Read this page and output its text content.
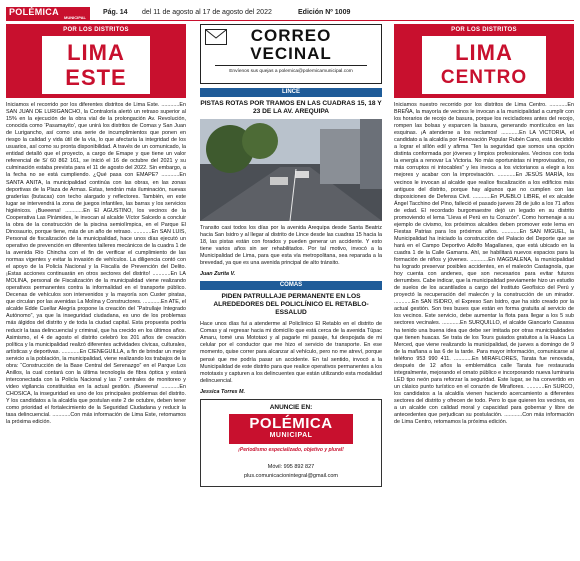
POLÉMICA
MUNICIPAL
Pág. 14 del 11 de agosto al 17 de agosto del 2022	Edición Nº 1009
POR LOS DISTRITOS
LIMA
ESTE

Iniciamos el recorrido por los diferentes distritos de Lima Este. ............En SAN JUAN DE LURIGANCHO, la Contraloría alertó un retraso superior al 15% en la ejecución de la obra vial de la prolongación Av. Revolución, conocida como ‘Pasamayito’, que unirá los distritos de Comas y San Juan de Lurigancho, así como una serie de incumplimientos que ponen en riesgo la calidad y vida útil de la vía, lo que afectaría la integridad de los usuarios, así como su pronta disponibilidad. A través de un comunicado, la entidad detalló que el proyecto, a cargo de Emape y que tiene un valor referencial de S/ 60 862 161, se inició el 16 de octubre del 2021 y su culminación estaba prevista para el 11 de agosto del 2022. Sin embargo, a la fecha no se está cumpliendo. ¿Qué pasa con EMAPE? ............En SANTA ANITA, la municipalidad continúa con las obras, en las zonas deportivas de la Plaza de Armas. Estas, tendrán más iluminación, nuevas graderías (butacas) con techo alargado y reflectores. También, en este lugar se intervendrá la zona de juegos infantiles, las barras y los servicios higiénicos. ¡Bueeena! ............En El AGUSTINO, los vecinos de la Cooperativa Las Pirámides, le invocan al alcalde Víctor Salcedo a concluir la obra de la construcción de la piscina semiolímpica, en el Parque El Dinosaurio, porque tiene, más de un año de retraso. ............En SAN LUIS, Personal de fiscalización de la municipalidad, hace unos días ejecutó un operativo de prevención en diferentes talleres mecánicos de la cuadra 1 de la avenida Río Chincha con el fin de verificar el cumplimiento de las normas vigentes y evitar la invasión de vehículos. La diligencia contó con el apoyo de la Policía Nacional y la Fiscalía de Prevención del Delito. ¡Estas acciones continuarán en otros sectores del distrito! ............En LA MOLINA, personal de Fiscalización de la municipalidad viene realizando operativos permanentes contra la informalidad en el transporte público. Decenas de vehículos son intervenidos y la mayoría son Custer piratas, que circulan por las avenidas La Molina y Constructores. ............En ATE, el alcalde Edde Cuellar Alegría propone la creación del “Patrullaje Integrado Autónomo”, ya que la inseguridad ciudadana, es uno de los problemas más álgidos del distrito y de toda la ciudad capital. Esta propuesta podría reducir la tasa delincuencial y criminal, que ha crecido en los últimos años. Asimismo, el 4 de agosto el distrito celebró los 201 años de creación política y la municipalidad realizó diferentes actividades cívicas, culturales, artísticas y deportivas. ............En CIENEGUILLA, a fin de brindar un mejor servicio a la población, la municipalidad, viene realizando los trabajos de la obra: “Construcción de la Base Central del Serenazgo” en el Parque Los Anillos, la cual contará con la última tecnología de fibra óptica y estará interconectada con la Policía Nacional y las 7 centrales de monitoreo y video vigilancia constituidas en la actual gestión. ¡Bueeena! ............En CHOSICA, la inseguridad es uno de los principales problemas del distrito. Y los candidatos a la alcaldía que postulan este 2 de octubre, deben tener como prioridad el fortalecimiento de la Seguridad Ciudadana y reducir la tasa delincuencial. ............Con más información de Lima Este, retomamos la próxima edición.

CORREO
VECINAL
Envíenos sus quejas a polemica@polemicamunicipal.com
LINCE
PISTAS ROTAS POR TRAMOS EN LAS CUADRAS 15, 18 Y 23 DE LA AV. AREQUIPA
Transito casi todos los días por la avenida Arequipa desde Santa Beatriz hacia San Isidro y al llegar al distrito de Lince desde las cuadras 15 hacia la 18, las pistas están con forados y pueden generar un accidente. Y esto tiene varios años sin ser rehabilitados. Por tal motivo, invocó a la Municipalidad de Lima, para que esta vía metropolitana, sea reparada a la brevedad, ya que es una avenida principal de alto tránsito.
Juan Zurita V.
COMAS
PIDEN PATRULLAJE PERMANENTE EN LOS ALREDEDORES DEL POLICLÍNICO EL RETABLO- ESSALUD
Hace unos días fui a atenderme al Policlínico El Retablo en el distrito de Comas y al regresar hacia mi domicilio que está cerca de la avenida Túpac Amaru, tomé una Mototaxi y al pagarle mi pasaje, fui despojada de mi celular por el conductor que me hizo el servicio de transporte. En ese momento, quise correr para alcanzar al vehículo, pero no me atreví, porque pensé que me podría pasar un accidente. En tal sentido, invocó a la Municipalidad de este distrito para que realice operativos permanentes a los mototaxis y capturen a los delincuentes que están utilizando esta modalidad delincuencial.
Jessica Torres M.
ANUNCIE EN:
POLÉMICA
MUNICIPAL
¡Periodismo especializado, objetivo y plural!
Móvil: 995 892 827
plus.comunicacionintegral@gmail.com
POR LOS DISTRITOS
LIMA
CENTRO

Iniciamos nuestro recorrido por los distritos de Lima Centro. ............En BREÑA, la mayoría de vecinos le invocan a la municipalidad a cumplir con los horarios de recojo de basura, porque los recicladores antes del recojo, rompen las bolsas y esparcen la basura, generando montículos en las esquinas. ¡A atenderse a los reclamos! ............En LA VICTORIA, el candidato a la alcaldía por Renovación Popular Rubén Cano, está decidido a lograr el sillón edil y afirma “Ten la seguridad que somos una opción distinta conformada por jóvenes y limpios profesionales. Vecinos con toda la energía a renovar La Victoria. No más oportunistas ni improvisados, no más corruptos ni intocables” y les invoca a los victorianos a elegir a los mejores y acabar con la improvisación. ............En JESÚS MARÍA, los vecinos le invocan al alcalde que realice fiscalización a los edificios más antiguos del distrito, porque hay algunos que no cumplen con las disposiciones de Defensa Civil. ............En PUEBLO LIBRE, el ex alcalde Ángel Tacchino del Pino, falleció el pasado jueves 28 de julio a los 71 años de edad. El recordado burgomaestre dejó un legado en su distrito promoviendo el lema “Lleva el Perú en tu Corazón”. Como homenaje a su ejemplo de civismo, los próximos alcaldes deben promover este lema en Fiestas Patrias para los próximos años. ............En SAN MIGUEL, la Municipalidad ha iniciado la construcción del Palacio del Deporte que se hará en el Campo Deportivo Adolfo Magallanes, que está ubicado en la cuadra 1 de la Calle Gamarra. Ahí, se habilitará nuevos espacios para la formación de niños y jóvenes. ............En MAGDALENA, la municipalidad ha logrado preservar posibles accidentes, en el malecón Castagnola, que hoy cuenta con andenes, que son necesarios para evitar futuros derrumbes. Cabe indicar, que la municipalidad previamente hizo un estudio de suelos de los acantilados a cargo del Instituto Geofísico del Perú y proyectó la recuperación del malecón y la construcción de un mirador. ............En SAN ISIDRO, el Expreso San Isidro, que ha sido creado por la actual gestión. Son tres buses que están en forma gratuita al servicio de los vecinos. Este servicio, debe aumentar la flota para llegar a los 5 sub sectores vecinales. ............En SURQUILLO, el alcalde Giancarlo Casassa ha tenido una buena idea que debe ser imitada por otras municipalidades que tienen huacas. Se trata de los Tours guiados gratuitos a la Huaca La Merced, que viene realizando la municipalidad, de jueves a domingo de 9 de la mañana a las 6 de la tarde. Para mayor información, comunicarse al teléfono 953 990 411. ............En MIRAFLORES, Tarata fue renovada, después de 12 años la emblemática calle Tarata fue restaurada integralmente, mejorando el ornato público e incorporando nueva luminaria LED tipo neón para reforzar la seguridad. Este lugar, se ha convertido en un clásico punto turístico en el corazón de Miraflores. ............En SURCO, los candidatos a la alcaldía vienen haciendo acercamiento a diferentes sectores del distrito y ofrecen de todo. Pero lo que quieren los vecinos, es a un alcalde con calidad moral y capacidad para gobernar y libre de antecedentes que perjudican su postulación. ............Con más información de Lima Centro, retomamos la próxima edición.
